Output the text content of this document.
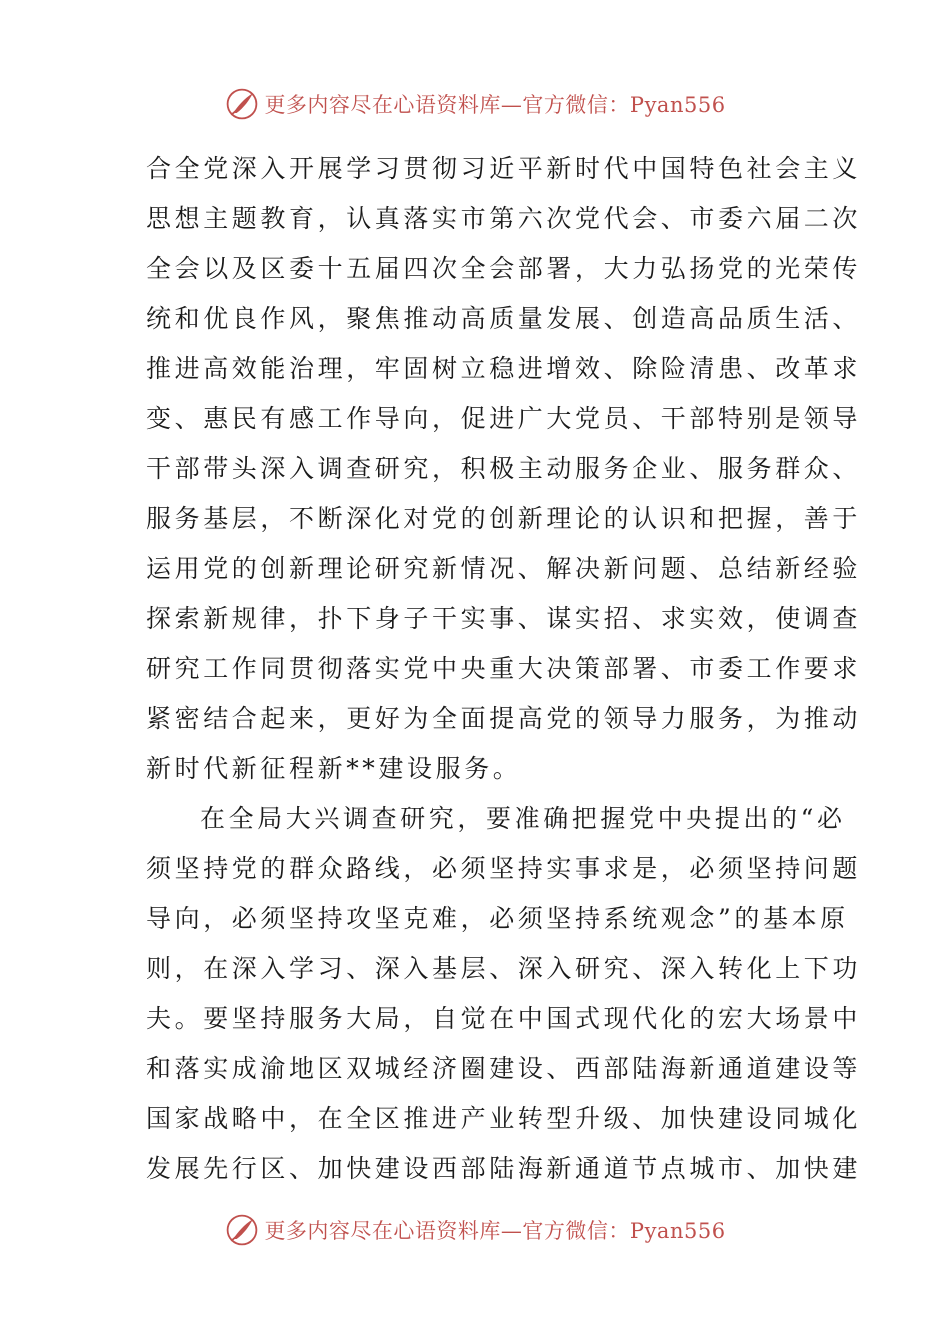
更多内容尽在心语资料库—官方微信：Pyan556

合全党深入开展学习贯彻习近平新时代中国特色社会主义
思想主题教育，认真落实市第六次党代会、市委六届二次
全会以及区委十五届四次全会部署，大力弘扬党的光荣传
统和优良作风，聚焦推动高质量发展、创造高品质生活、
推进高效能治理，牢固树立稳进增效、除险清患、改革求
变、惠民有感工作导向，促进广大党员、干部特别是领导
干部带头深入调查研究，积极主动服务企业、服务群众、
服务基层，不断深化对党的创新理论的认识和把握，善于
运用党的创新理论研究新情况、解决新问题、总结新经验
探索新规律，扑下身子干实事、谋实招、求实效，使调查
研究工作同贯彻落实党中央重大决策部署、市委工作要求
紧密结合起来，更好为全面提高党的领导力服务，为推动
新时代新征程新**建设服务。

在全局大兴调查研究，要准确把握党中央提出的“必
须坚持党的群众路线，必须坚持实事求是，必须坚持问题
导向，必须坚持攻坚克难，必须坚持系统观念”的基本原
则，在深入学习、深入基层、深入研究、深入转化上下功
夫。要坚持服务大局，自觉在中国式现代化的宏大场景中
和落实成渝地区双城经济圈建设、西部陆海新通道建设等
国家战略中，在全区推进产业转型升级、加快建设同城化
发展先行区、加快建设西部陆海新通道节点城市、加快建

更多内容尽在心语资料库—官方微信：Pyan556
